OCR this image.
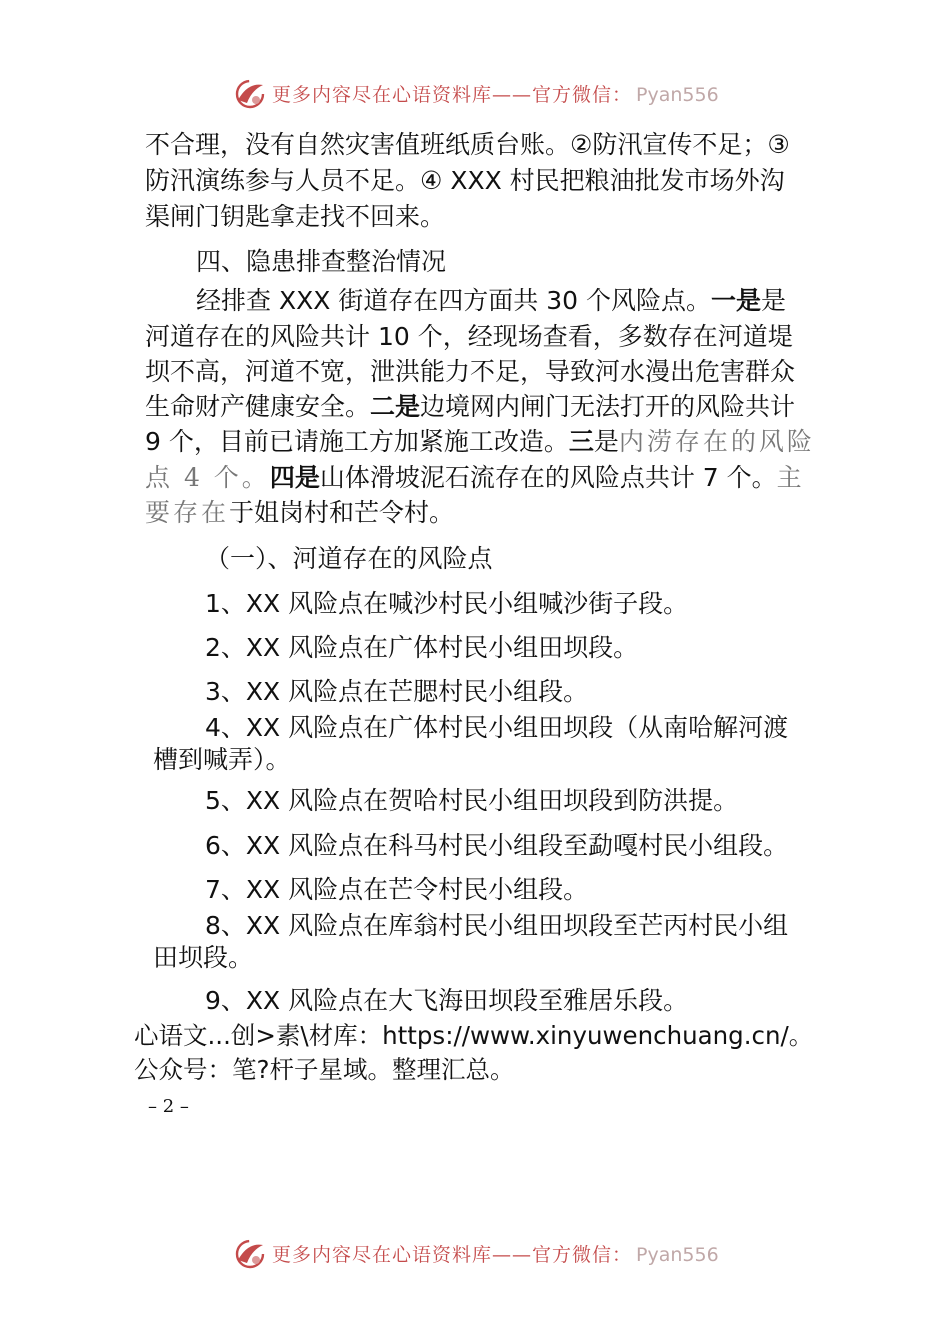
更多内容尽在心语资料库——官方微信： Pyan556
不合理，没有自然灾害值班纸质台账。②防汛宣传不足；③
防汛演练参与人员不足。④ XXX 村民把粮油批发市场外沟
渠闸门钥匙拿走找不回来。
四、隐患排查整治情况
经排查 XXX 街道存在四方面共 30 个风险点。一是是
河道存在的风险共计 10 个，经现场查看，多数存在河道堤
坝不高，河道不宽，泄洪能力不足，导致河水漫出危害群众
生命财产健康安全。二是边境网内闸门无法打开的风险共计
9 个，目前已请施工方加紧施工改造。三是内涝存在的风险
点 4 个。四是山体滑坡泥石流存在的风险点共计 7 个。主
要存在于姐岗村和芒令村。
（一）、河道存在的风险点
1、XX 风险点在喊沙村民小组喊沙街子段。
2、XX 风险点在广体村民小组田坝段。
3、XX 风险点在芒腮村民小组段。
4、XX 风险点在广体村民小组田坝段（从南哈解河渡
槽到喊弄）。
5、XX 风险点在贺哈村民小组田坝段到防洪提。
6、XX 风险点在科马村民小组段至勐嘎村民小组段。
7、XX 风险点在芒令村民小组段。
8、XX 风险点在库翁村民小组田坝段至芒丙村民小组
田坝段。
9、XX 风险点在大飞海田坝段至雅居乐段。
心语文...创>素\材库：https://www.xinyuwenchuang.cn/。
公众号：笔?杆子星域。整理汇总。
– 2 –
更多内容尽在心语资料库——官方微信： Pyan556
